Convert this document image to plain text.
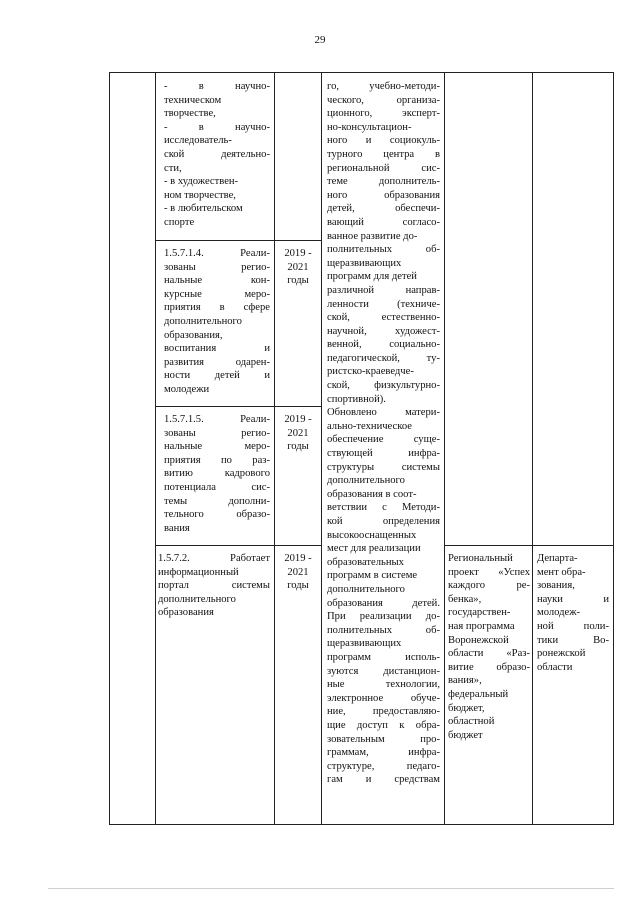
29
- в научно-
техническом
творчестве,
- в научно-
исследователь-
ской деятельно-
сти,
- в художествен-
ном творчестве,
- в любительском
спорте
1.5.7.1.4. Реали-
зованы регио-
нальные кон-
курсные меро-
приятия в сфере
дополнительного
образования,
воспитания и
развития одарен-
ности детей и
молодежи
2019 -
2021
годы
1.5.7.1.5. Реали-
зованы регио-
нальные меро-
приятия по раз-
витию кадрового
потенциала сис-
темы дополни-
тельного образо-
вания
2019 -
2021
годы
1.5.7.2. Работает
информационный
портал системы
дополнительного
образования
2019 -
2021
годы
Региональный
проект «Успех
каждого ре-
бенка»,
государствен-
ная программа
Воронежской
области «Раз-
витие образо-
вания»,
федеральный
бюджет,
областной
бюджет
Департа-
мент обра-
зования,
науки и
молодеж-
ной поли-
тики Во-
ронежской
области
го, учебно-методи-
ческого, организа-
ционного, эксперт-
но-консультацион-
ного и социокуль-
турного центра в
региональной сис-
теме дополнитель-
ного образования
детей, обеспечи-
вающий согласо-
ванное развитие до-
полнительных об-
щеразвивающих
программ для детей
различной направ-
ленности (техниче-
ской, естественно-
научной, художест-
венной, социально-
педагогической, ту-
ристско-краеведче-
ской, физкультурно-
спортивной).
Обновлено матери-
ально-техническое
обеспечение суще-
ствующей инфра-
структуры системы
дополнительного
образования в соот-
ветствии с Методи-
кой определения
высокооснащенных
мест для реализации
образовательных
программ в системе
дополнительного
образования детей.
При реализации до-
полнительных об-
щеразвивающих
программ исполь-
зуются дистанцион-
ные технологии,
электронное обуче-
ние, предоставляю-
щие доступ к обра-
зовательным про-
граммам, инфра-
структуре, педаго-
гам и средствам
